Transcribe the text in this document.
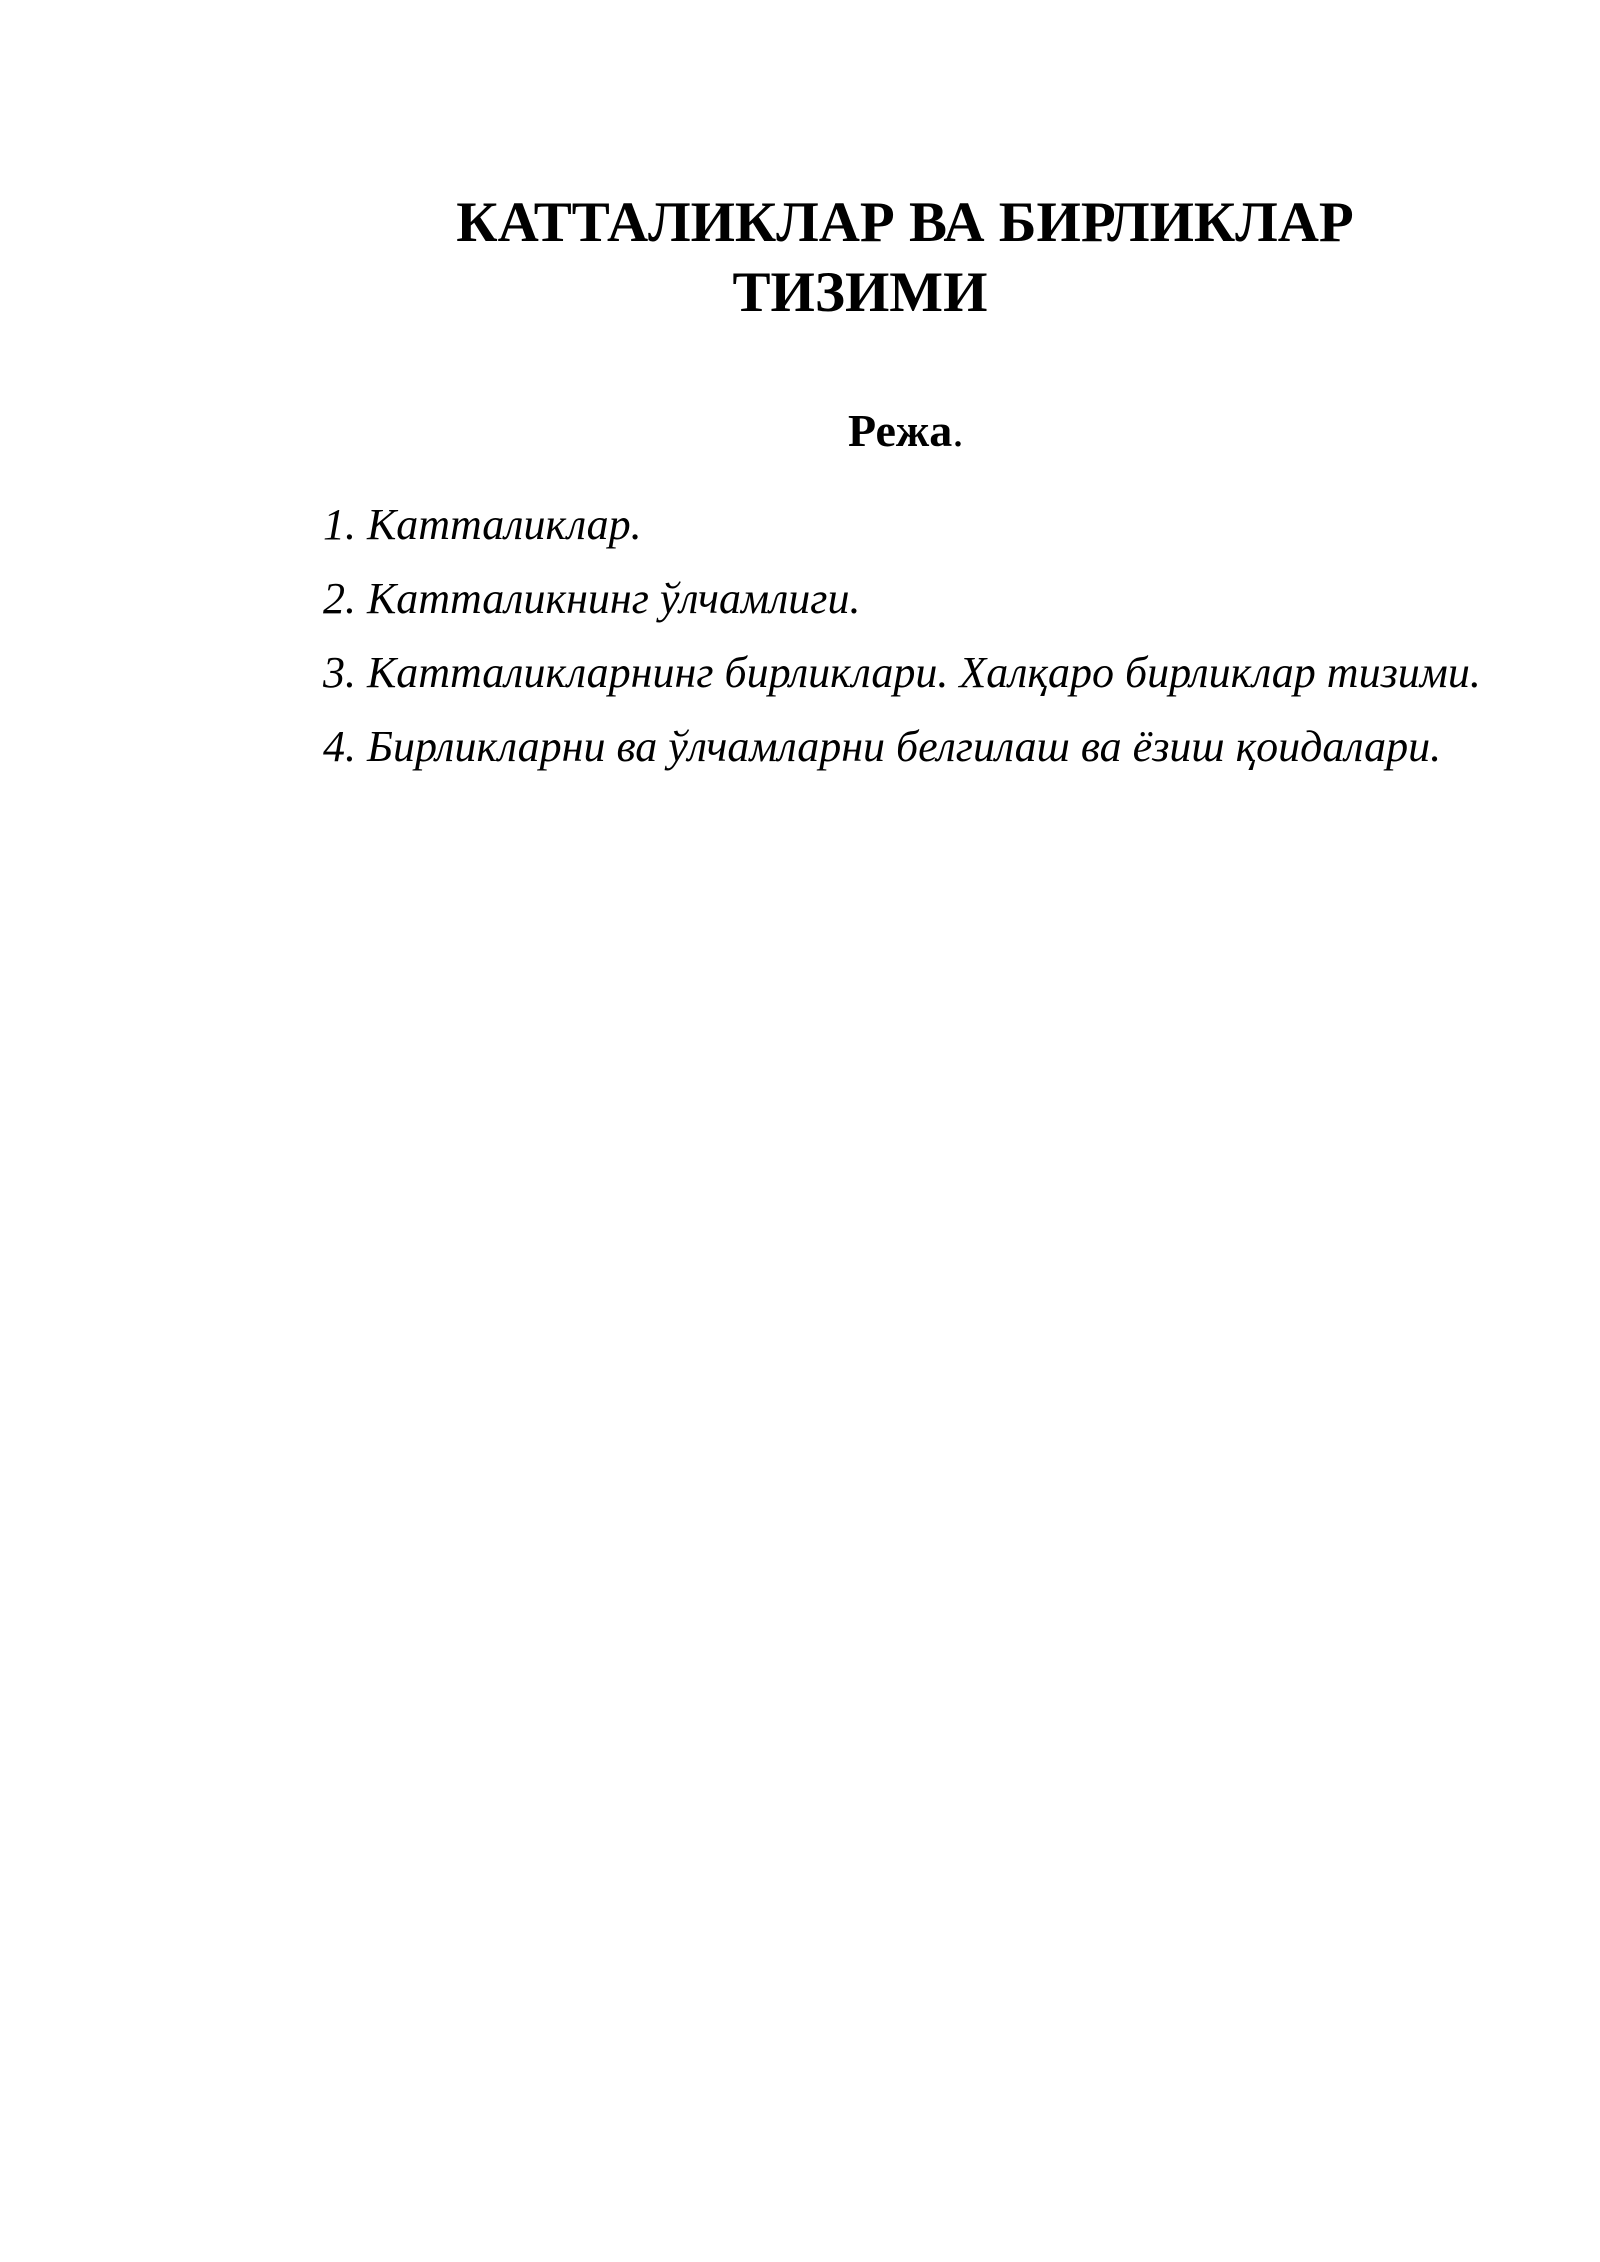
КАТТАЛИКЛАР ВА БИРЛИКЛАР
ТИЗИМИ
Режа.
1. Катталиклар.
2. Катталикнинг ўлчамлиги.
3. Катталикларнинг бирликлари. Халқаро бирликлар тизими.
4. Бирликларни ва ўлчамларни белгилаш ва ёзиш қоидалари.
